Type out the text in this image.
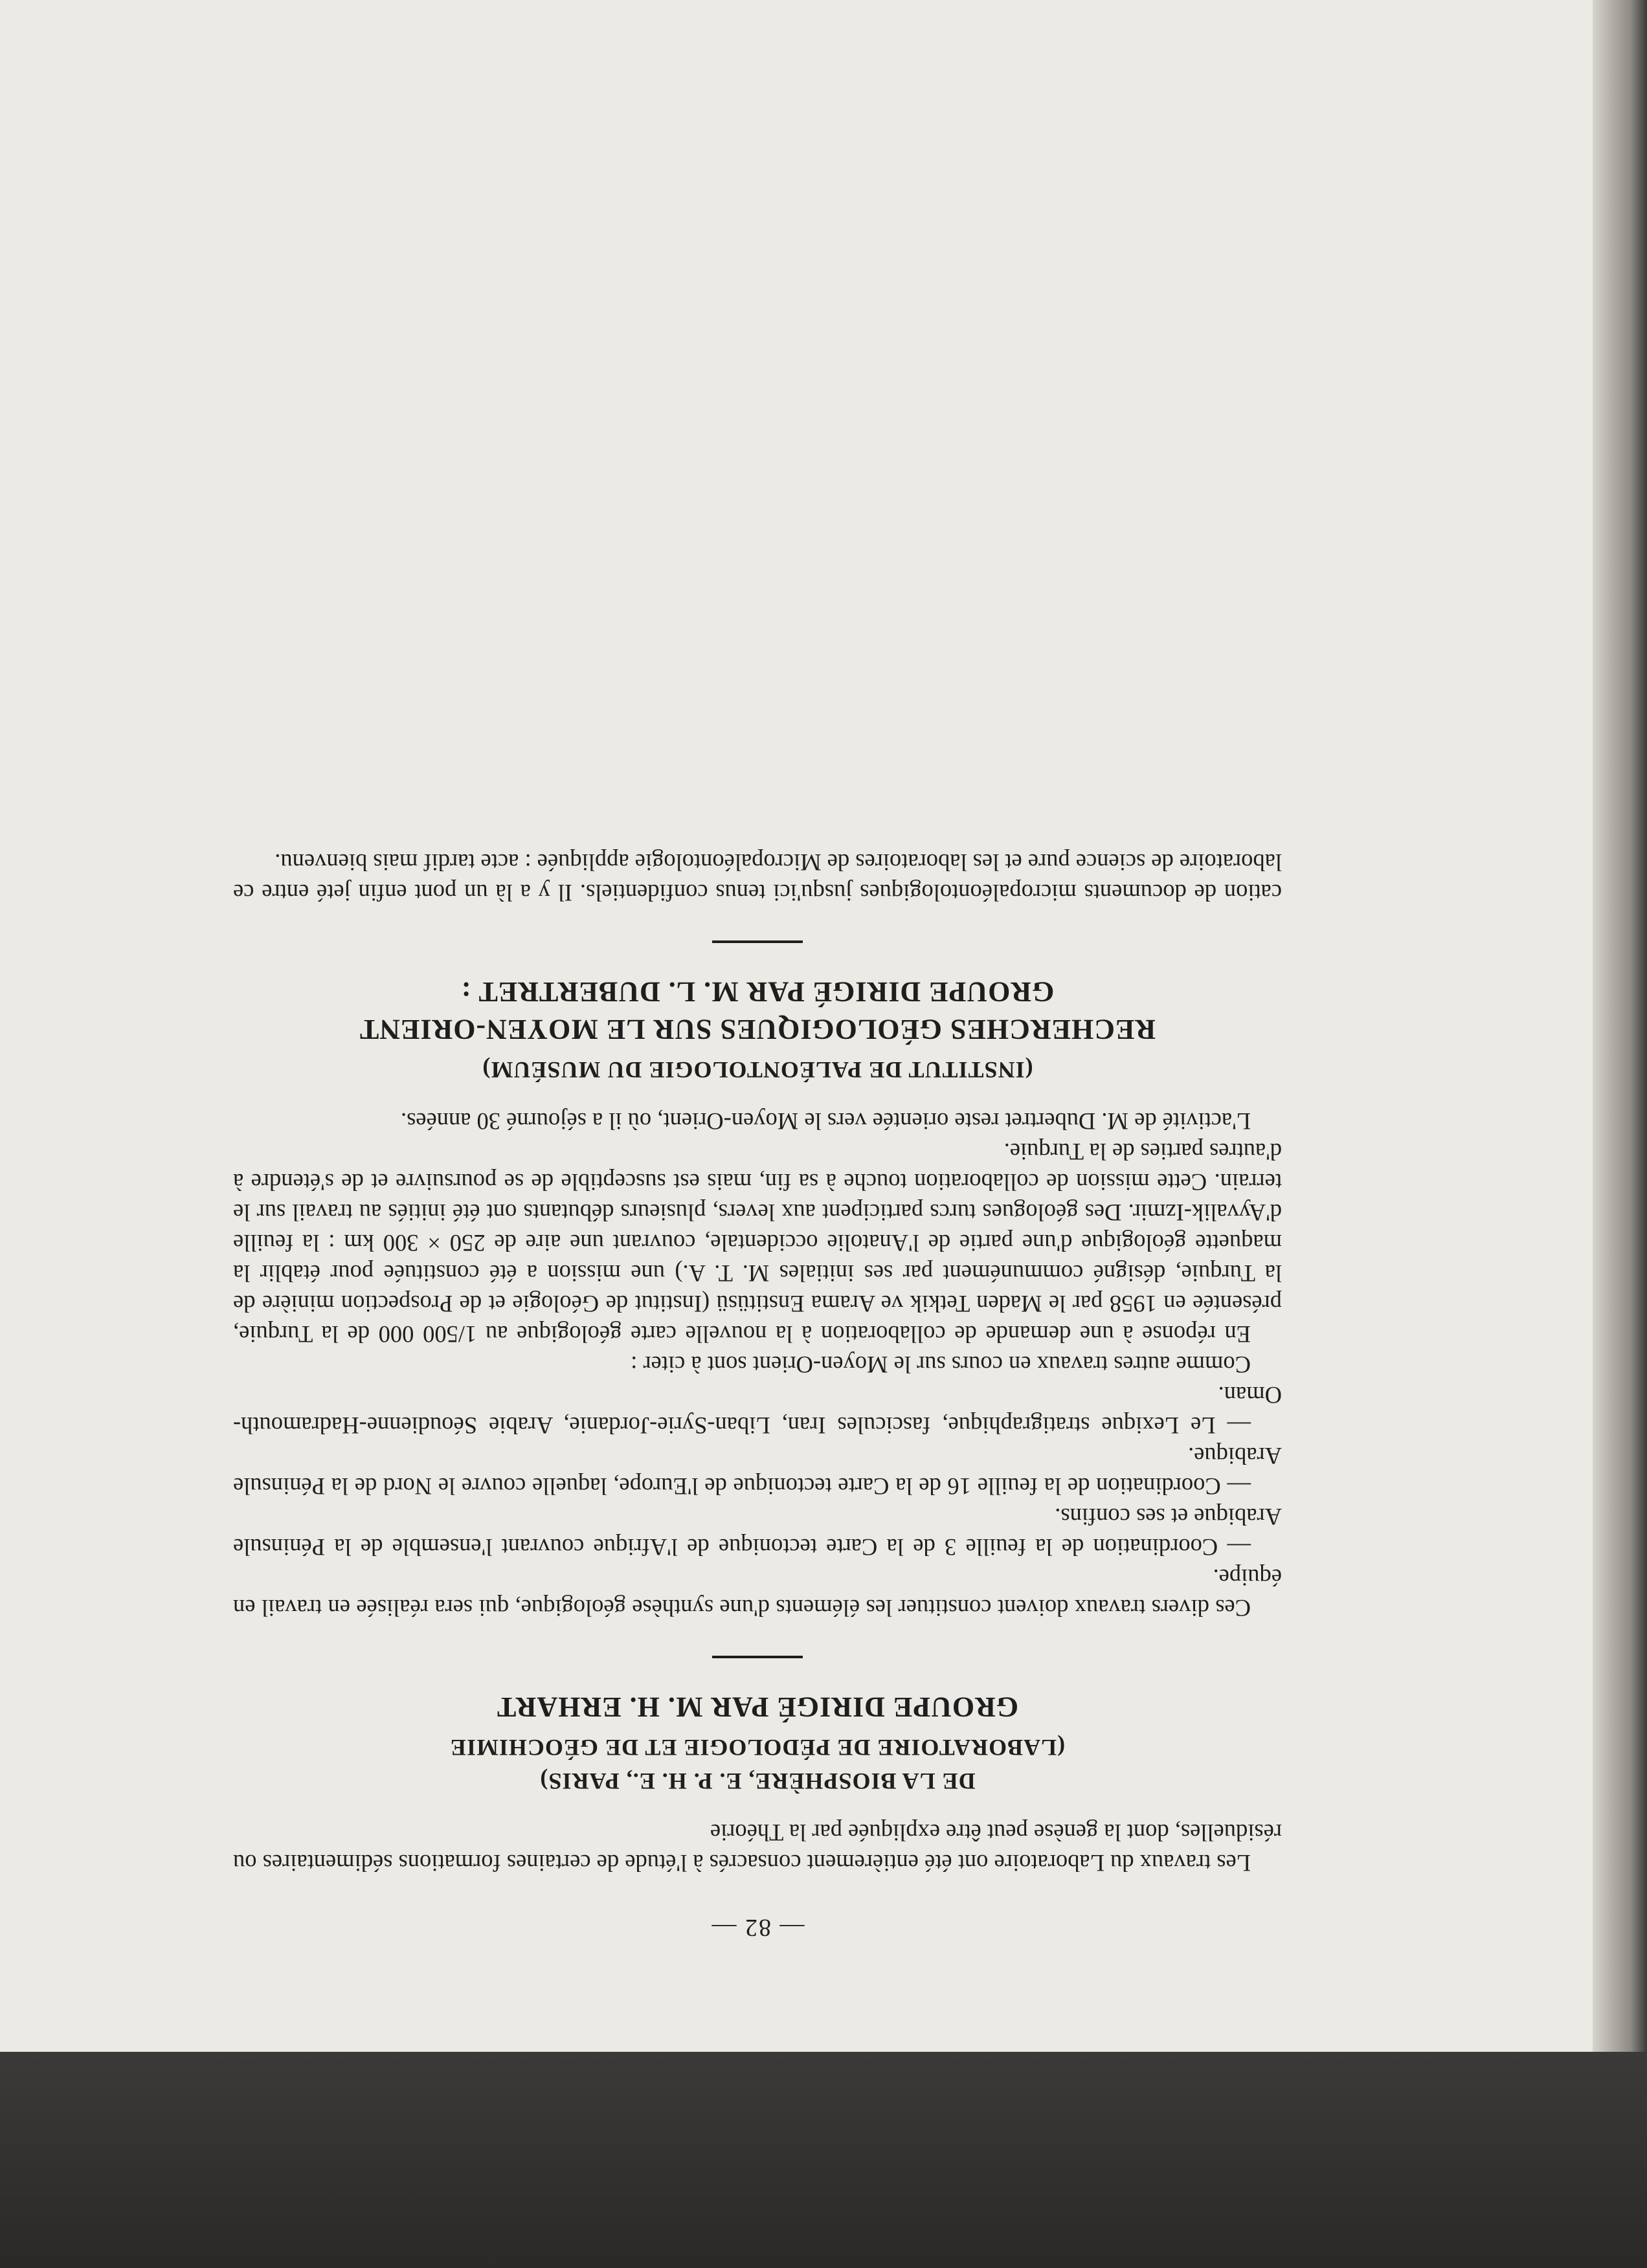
— 82 —

Les travaux du Laboratoire ont été entièrement consacrés à l'étude de certaines formations sédimentaires ou résiduelles, dont la genèse peut être expliquée par la Théorie

DE LA BIOSPHÈRE, E. P. H. E., PARIS)
(LABORATOIRE DE PÉDOLOGIE ET DE GÉOCHIMIE
GROUPE DIRIGÉ PAR M. H. ERHART

Ces divers travaux doivent constituer les éléments d'une synthèse géologique, qui sera réalisée en travail en équipe.

— Coordination de la feuille 3 de la Carte tectonique de l'Afrique couvrant l'ensemble de la Péninsule Arabique et ses confins.

— Coordination de la feuille 16 de la Carte tectonique de l'Europe, laquelle couvre le Nord de la Péninsule Arabique.

— Le Lexique stratigraphique, fascicules Iran, Liban-Syrie-Jordanie, Arabie Séoudienne-Hadramouth-Oman.

Comme autres travaux en cours sur le Moyen-Orient sont à citer :

En réponse à une demande de collaboration à la nouvelle carte géologique au 1/500 000 de la Turquie, présentée en 1958 par le Maden Tetkik ve Arama Enstitüsü (Institut de Géologie et de Prospection minière de la Turquie, désigné communément par ses initiales M. T. A.) une mission a été constituée pour établir la maquette géologique d'une partie de l'Anatolie occidentale, couvrant une aire de 250 × 300 km : la feuille d'Ayvalik-Izmir. Des géologues turcs participent aux levers, plusieurs débutants ont été initiés au travail sur le terrain. Cette mission de collaboration touche à sa fin, mais est susceptible de se poursuivre et de s'étendre à d'autres parties de la Turquie.

L'activité de M. Dubertret reste orientée vers le Moyen-Orient, où il a séjourné 30 années.

(INSTITUT DE PALÉONTOLOGIE DU MUSÉUM)
RECHERCHES GÉOLOGIQUES SUR LE MOYEN-ORIENT
GROUPE DIRIGÉ PAR M. L. DUBERTRET :

cation de documents micropaléontologiques jusqu'ici tenus confidentiels. Il y a là un pont enfin jeté entre ce laboratoire de science pure et les laboratoires de Micropaléontologie appliquée : acte tardif mais bienvenu.
